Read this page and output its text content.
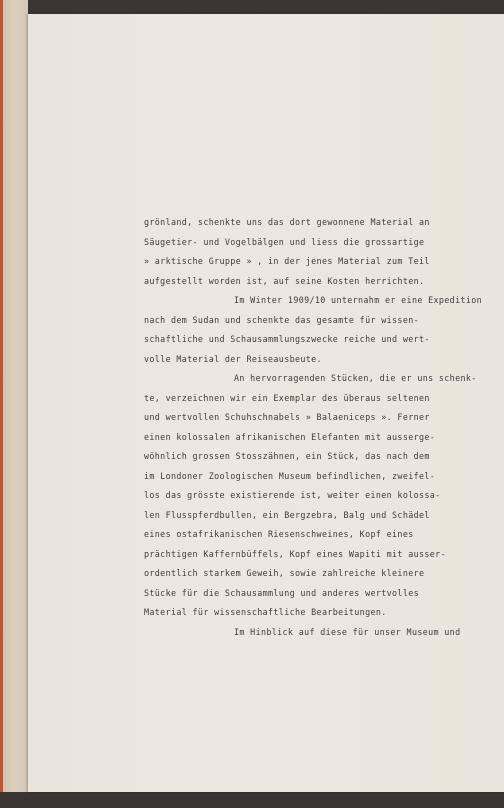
grönland, schenkte uns das dort gewonnene Material an
Säugetier- und Vogelbälgen und liess die grossartige
» arktische Gruppe » , in der jenes Material zum Teil
aufgestellt worden ist, auf seine Kosten herrichten.
Im Winter 1909/10 unternahm er eine Expedition
nach dem Sudan und schenkte das gesamte für wissen-
schaftliche und Schausammlungszwecke reiche und wert-
volle Material der Reiseausbeute.
An hervorragenden Stücken, die er uns schenk-
te, verzeichnen wir ein Exemplar des überaus seltenen
und wertvollen Schuhschnabels » Balaeniceps ». Ferner
einen kolossalen afrikanischen Elefanten mit ausserge-
wöhnlich grossen Stosszähnen, ein Stück, das nach dem
im Londoner Zoologischen Museum befindlichen, zweifel-
los das grösste existierende ist, weiter einen kolossa-
len Flusspferdbullen, ein Bergzebra, Balg und Schädel
eines ostafrikanischen Riesenschweines, Kopf eines
prächtigen Kaffernbüffels, Kopf eines Wapiti mit ausser-
ordentlich starkem Geweih, sowie zahlreiche kleinere
Stücke für die Schausammlung und anderes wertvolles
Material für wissenschaftliche Bearbeitungen.
Im Hinblick auf diese für unser Museum und
